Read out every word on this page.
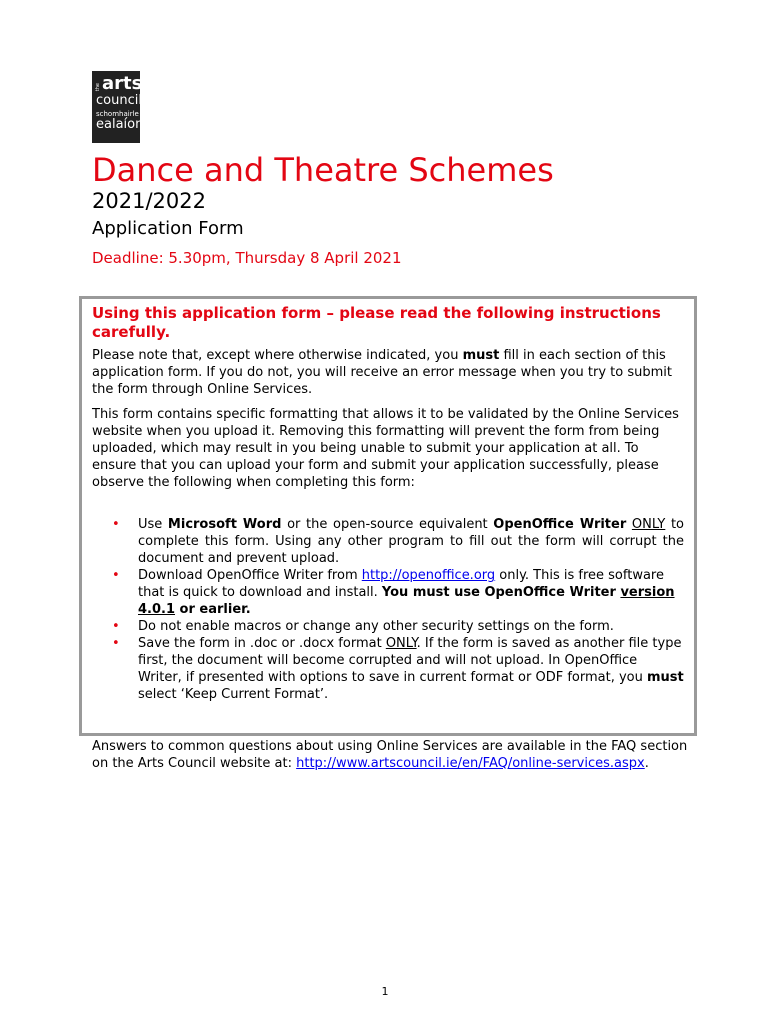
the arts
council
schomhairle
ealaíon
Dance and Theatre Schemes
2021/2022
Application Form
Deadline: 5.30pm, Thursday 8 April 2021
Using this application form – please read the following instructions carefully.

Please note that, except where otherwise indicated, you must fill in each section of this application form. If you do not, you will receive an error message when you try to submit the form through Online Services.

This form contains specific formatting that allows it to be validated by the Online Services website when you upload it. Removing this formatting will prevent the form from being uploaded, which may result in you being unable to submit your application at all. To ensure that you can upload your form and submit your application successfully, please observe the following when completing this form:

• Use Microsoft Word or the open-source equivalent OpenOffice Writer ONLY to complete this form. Using any other program to fill out the form will corrupt the document and prevent upload.
• Download OpenOffice Writer from http://openoffice.org only. This is free software that is quick to download and install. You must use OpenOffice Writer version 4.0.1 or earlier.
• Do not enable macros or change any other security settings on the form.
• Save the form in .doc or .docx format ONLY. If the form is saved as another file type first, the document will become corrupted and will not upload. In OpenOffice Writer, if presented with options to save in current format or ODF format, you must select ‘Keep Current Format’.

Answers to common questions about using Online Services are available in the FAQ section on the Arts Council website at: http://www.artscouncil.ie/en/FAQ/online-services.aspx.

1
